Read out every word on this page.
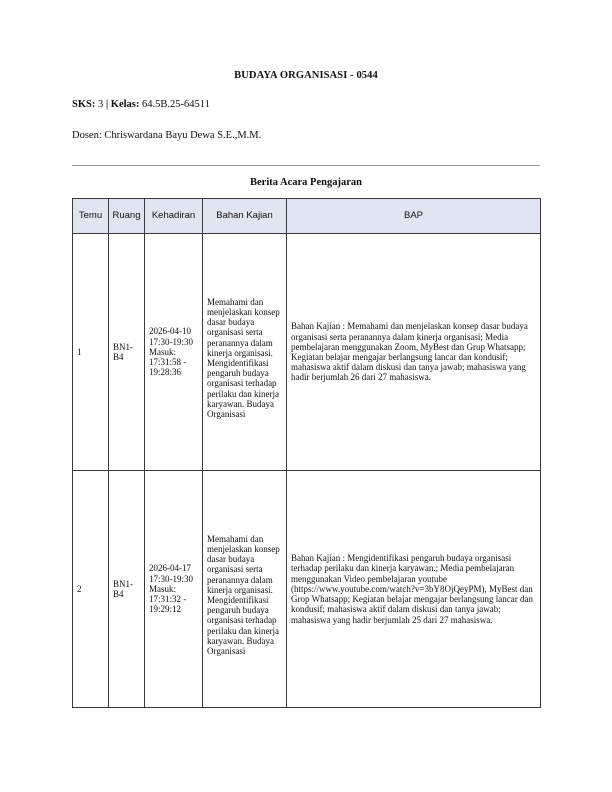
BUDAYA ORGANISASI - 0544
SKS: 3 | Kelas: 64.5B.25-64511
Dosen: Chriswardana Bayu Dewa S.E.,M.M.
Berita Acara Pengajaran
Temu	Ruang	Kehadiran	Bahan Kajian	BAP
1	BN1-B4	2026-04-10 17:30-19:30 Masuk: 17:31:58 - 19:28:36	Memahami dan menjelaskan konsep dasar budaya organisasi serta peranannya dalam kinerja organisasi. Mengidentifikasi pengaruh budaya organisasi terhadap perilaku dan kinerja karyawan. Budaya Organisasi	Bahan Kajian : Memahami dan menjelaskan konsep dasar budaya organisasi serta peranannya dalam kinerja organisasi; Media pembelajaran menggunakan Zoom, MyBest dan Grup Whatsapp; Kegiatan belajar mengajar berlangsung lancar dan kondusif; mahasiswa aktif dalam diskusi dan tanya jawab; mahasiswa yang hadir berjumlah 26 dari 27 mahasiswa.
2	BN1-B4	2026-04-17 17:30-19:30 Masuk: 17:31:32 - 19:29:12	Memahami dan menjelaskan konsep dasar budaya organisasi serta peranannya dalam kinerja organisasi. Mengidentifikasi pengaruh budaya organisasi terhadap perilaku dan kinerja karyawan. Budaya Organisasi	Bahan Kajian : Mengidentifikasi pengaruh budaya organisasi terhadap perilaku dan kinerja karyawan.; Media pembelajaran menggunakan Video pembelajaran youtube (https://www.youtube.com/watch?v=3bY8OjQeyPM), MyBest dan Grop Whatsapp; Kegiatan belajar mengajar berlangsung lancar dan kondusif; mahasiswa aktif dalam diskusi dan tanya jawab; mahasiswa yang hadir berjumlah 25 dari 27 mahasiswa.
